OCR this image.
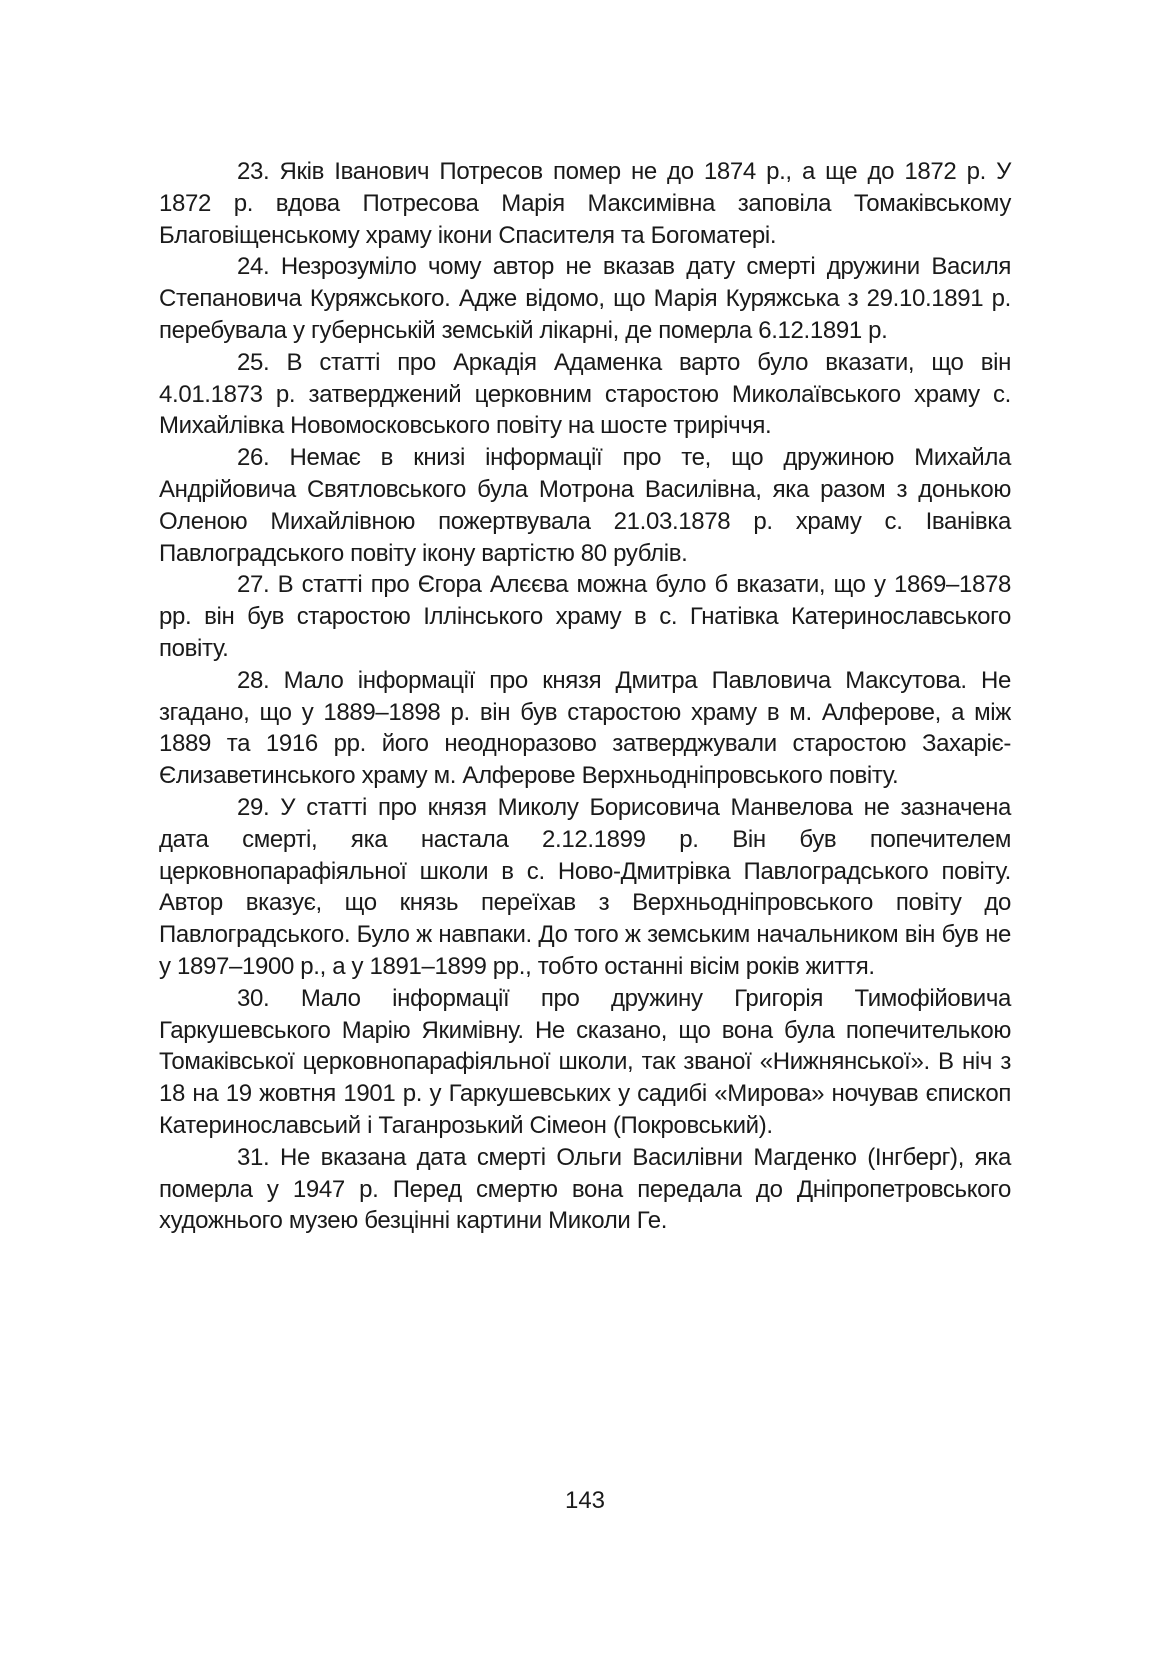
23. Яків Іванович Потресов помер не до 1874 р., а ще до 1872 р. У 1872 р. вдова Потресова Марія Максимівна заповіла Томаківському Благовіщенському храму ікони Спасителя та Богоматері.

24. Незрозуміло чому автор не вказав дату смерті дружини Василя Степановича Куряжського. Адже відомо, що Марія Куряжська з 29.10.1891 р. перебувала у губернській земській лікарні, де померла 6.12.1891 р.

25. В статті про Аркадія Адаменка варто було вказати, що він 4.01.1873 р. затверджений церковним старостою Миколаївського храму с. Михайлівка Новомосковського повіту на шосте трирiччя.

26. Немає в книзі інформації про те, що дружиною Михайла Андрійовича Святловського була Мотрона Василівна, яка разом з донькою Оленою Михайлівною пожертвувала 21.03.1878 р. храму с. Іванівка Павлоградського повіту ікону вартістю 80 рублів.

27. В статті про Єгора Алєєва можна було б вказати, що у 1869–1878 рр. він був старостою Іллінського храму в с. Гнатівка Катеринославського повіту.

28. Мало інформації про князя Дмитра Павловича Максутова. Не згадано, що у 1889–1898 р. він був старостою храму в м. Алферове, а між 1889 та 1916 рр. його неодноразово затверджували старостою Захаріє-Єлизаветинського храму м. Алферове Верхньодніпровського повіту.

29. У статті про князя Миколу Борисовича Манвелова не зазначена дата смерті, яка настала 2.12.1899 р. Він був попечителем церковнопарафіяльної школи в с. Ново-Дмитрівка Павлоградського повіту. Автор вказує, що князь переїхав з Верхньодніпровського повіту до Павлоградського. Було ж навпаки. До того ж земським начальником він був не у 1897–1900 р., а у 1891–1899 рр., тобто останні вісім років життя.

30. Мало інформації про дружину Григорія Тимофійовича Гаркушевського Марію Якимівну. Не сказано, що вона була попечителькою Томаківської церковнопарафіяльної школи, так званої «Нижнянської». В ніч з 18 на 19 жовтня 1901 р. у Гаркушевських у садибі «Мирова» ночував єпископ Катеринославсьий і Таганрозький Сімеон (Покровський).

31. Не вказана дата смерті Ольги Василівни Магденко (Інгберг), яка померла у 1947 р. Перед смертю вона передала до Дніпропетровського художнього музею безцінні картини Миколи Ге.

143
